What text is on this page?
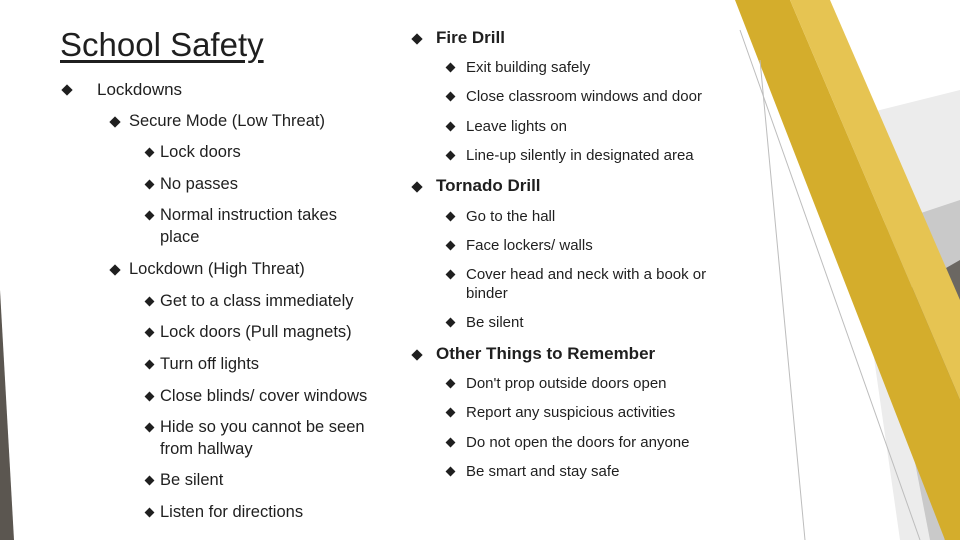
School Safety
Lockdowns
Secure Mode (Low Threat)
Lock doors
No passes
Normal instruction takes
place
Lockdown (High Threat)
Get to a class immediately
Lock doors (Pull magnets)
Turn off lights
Close blinds/ cover windows
Hide so you cannot be seen
from hallway
Be silent
Listen for directions
Fire Drill
Exit building safely
Close classroom windows and door
Leave lights on
Line-up silently in designated area
Tornado Drill
Go to the hall
Face lockers/ walls
Cover head and neck with a book or
binder
Be silent
Other Things to Remember
Don't prop outside doors open
Report any suspicious activities
Do not open the doors for anyone
Be smart and stay safe
